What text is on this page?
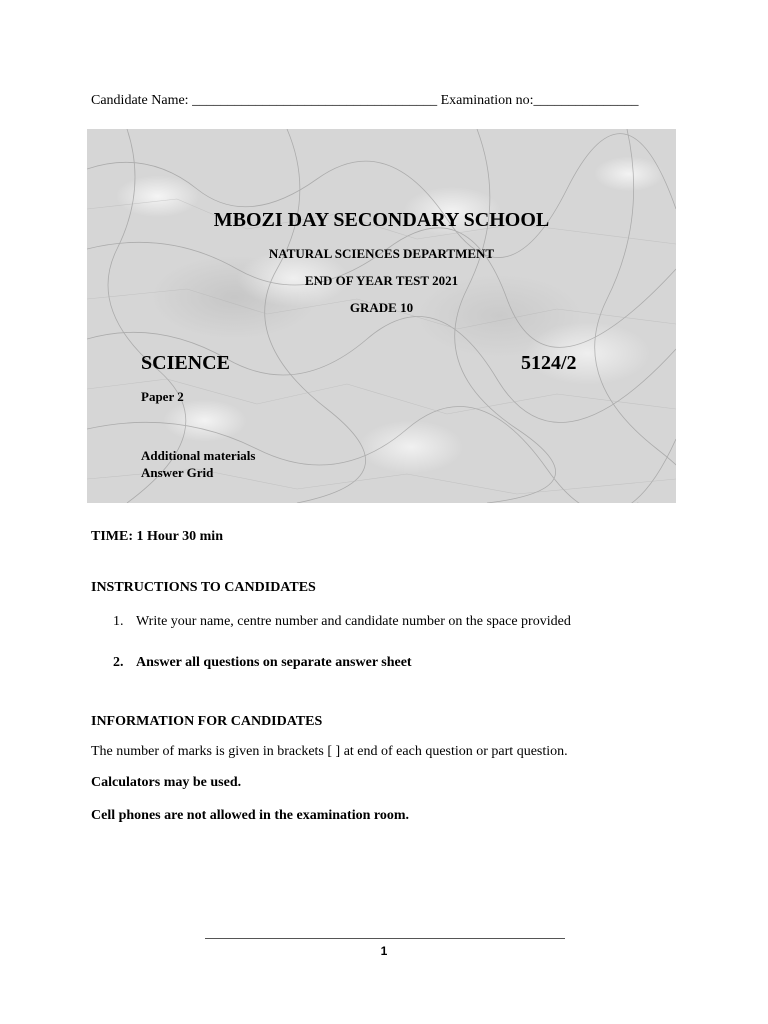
Candidate Name: ___________________________________ Examination no:_______________
MBOZI DAY SECONDARY SCHOOL
NATURAL SCIENCES DEPARTMENT
END OF YEAR TEST 2021
GRADE 10
SCIENCE	5124/2
Paper 2
Additional materials
Answer Grid
TIME: 1 Hour 30 min
INSTRUCTIONS TO CANDIDATES
1. Write your name, centre number and candidate number on the space provided
2. Answer all questions on separate answer sheet
INFORMATION FOR CANDIDATES
The number of marks is given in brackets [ ] at end of each question or part question.
Calculators may be used.
Cell phones are not allowed in the examination room.
1
